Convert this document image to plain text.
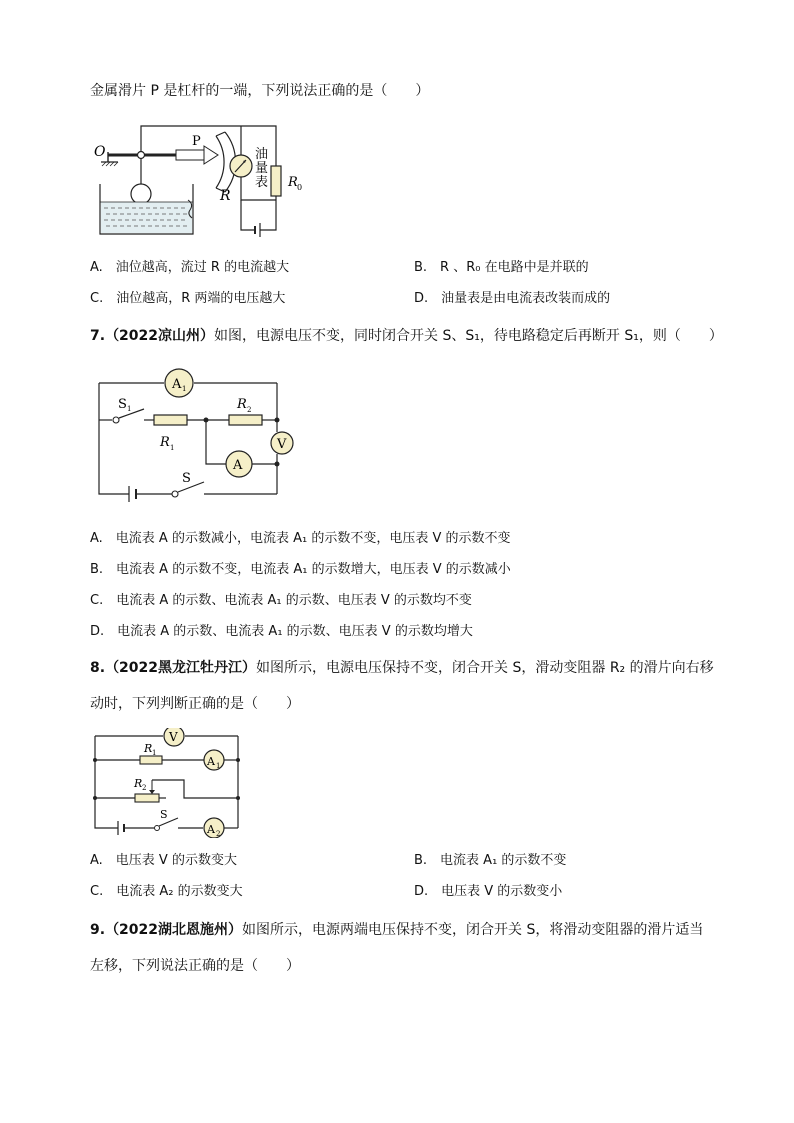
金属滑片 P 是杠杆的一端，下列说法正确的是（　　）
P
O
R
油
量
表 R 0
A.　油位越高，流过 R 的电流越大	B.　R 、R₀ 在电路中是并联的
C.　油位越高，R 两端的电压越大	D.　油量表是由电流表改装而成的
7.（2022凉山州）如图，电源电压不变，同时闭合开关 S、S₁，待电路稳定后再断开 S₁，则（　　）
A 1
S 1
R 1
R 2
V
A
S
A.　电流表 A 的示数减小，电流表 A₁ 的示数不变，电压表 V 的示数不变
B.　电流表 A 的示数不变，电流表 A₁ 的示数增大，电压表 V 的示数减小
C.　电流表 A 的示数、电流表 A₁ 的示数、电压表 V 的示数均不变
D.　电流表 A 的示数、电流表 A₁ 的示数、电压表 V 的示数均增大
8.（2022黑龙江牡丹江）如图所示，电源电压保持不变，闭合开关 S，滑动变阻器 R₂ 的滑片向右移
动时，下列判断正确的是（　　）
V
R 1
A 1
R 2
S
A 2
A.　电压表 V 的示数变大	B.　电流表 A₁ 的示数不变
C.　电流表 A₂ 的示数变大	D.　电压表 V 的示数变小
9.（2022湖北恩施州）如图所示，电源两端电压保持不变，闭合开关 S，将滑动变阻器的滑片适当
左移，下列说法正确的是（　　）
